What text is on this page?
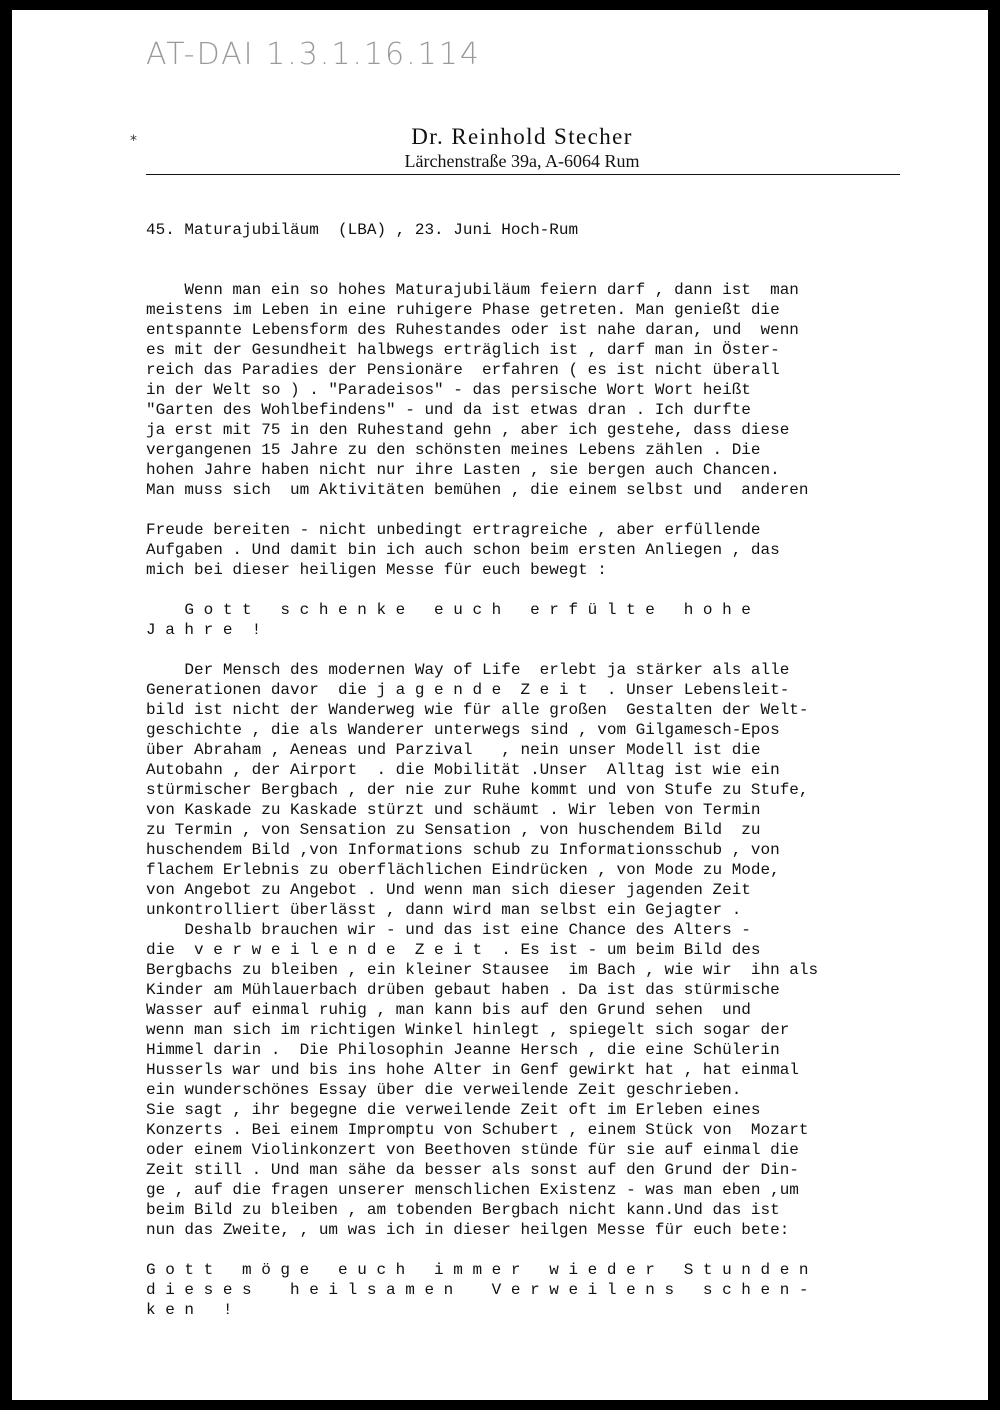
AT-DAI 1.3.1.16.114
*	Dr. Reinhold Stecher
Lärchenstraße 39a, A-6064 Rum
45. Maturajubiläum  (LBA) , 23. Juni Hoch-Rum
Wenn man ein so hohes Maturajubiläum feiern darf , dann ist  man
meistens im Leben in eine ruhigere Phase getreten. Man genießt die
entspannte Lebensform des Ruhestandes oder ist nahe daran, und  wenn
es mit der Gesundheit halbwegs erträglich ist , darf man in Öster-
reich das Paradies der Pensionäre  erfahren ( es ist nicht überall
in der Welt so ) . "Paradeisos" - das persische Wort Wort heißt
"Garten des Wohlbefindens" - und da ist etwas dran . Ich durfte
ja erst mit 75 in den Ruhestand gehn , aber ich gestehe, dass diese
vergangenen 15 Jahre zu den schönsten meines Lebens zählen . Die
hohen Jahre haben nicht nur ihre Lasten , sie bergen auch Chancen.
Man muss sich  um Aktivitäten bemühen , die einem selbst und  anderen
Freude bereiten - nicht unbedingt ertragreiche , aber erfüllende
Aufgaben . Und damit bin ich auch schon beim ersten Anliegen , das
mich bei dieser heiligen Messe für euch bewegt :
G o t t   s c h e n k e   e u c h   e r f ü l t e   h o h e
J a h r e  !
Der Mensch des modernen Way of Life  erlebt ja stärker als alle
Generationen davor  die j a g e n d e  Z e i t  . Unser Lebensleit-
bild ist nicht der Wanderweg wie für alle großen  Gestalten der Welt-
geschichte , die als Wanderer unterwegs sind , vom Gilgamesch-Epos
über Abraham , Aeneas und Parzival   , nein unser Modell ist die
Autobahn , der Airport  . die Mobilität .Unser  Alltag ist wie ein
stürmischer Bergbach , der nie zur Ruhe kommt und von Stufe zu Stufe,
von Kaskade zu Kaskade stürzt und schäumt . Wir leben von Termin
zu Termin , von Sensation zu Sensation , von huschendem Bild  zu
huschendem Bild ,von Informations schub zu Informationsschub , von
flachem Erlebnis zu oberflächlichen Eindrücken , von Mode zu Mode,
von Angebot zu Angebot . Und wenn man sich dieser jagenden Zeit
unkontrolliert überlässt , dann wird man selbst ein Gejagter .
Deshalb brauchen wir - und das ist eine Chance des Alters -
die  v e r w e i l e n d e  Z e i t  . Es ist - um beim Bild des
Bergbachs zu bleiben , ein kleiner Stausee  im Bach , wie wir  ihn als
Kinder am Mühlauerbach drüben gebaut haben . Da ist das stürmische
Wasser auf einmal ruhig , man kann bis auf den Grund sehen  und
wenn man sich im richtigen Winkel hinlegt , spiegelt sich sogar der
Himmel darin .  Die Philosophin Jeanne Hersch , die eine Schülerin
Husserls war und bis ins hohe Alter in Genf gewirkt hat , hat einmal
ein wunderschönes Essay über die verweilende Zeit geschrieben.
Sie sagt , ihr begegne die verweilende Zeit oft im Erleben eines
Konzerts . Bei einem Impromptu von Schubert , einem Stück von  Mozart
oder einem Violinkonzert von Beethoven stünde für sie auf einmal die
Zeit still . Und man sähe da besser als sonst auf den Grund der Din-
ge , auf die fragen unserer menschlichen Existenz - was man eben ,um
beim Bild zu bleiben , am tobenden Bergbach nicht kann.Und das ist
nun das Zweite, , um was ich in dieser heilgen Messe für euch bete:
G o t t   m ö g e   e u c h   i m m e r   w i e d e r   S t u n d e n
d i e s e s    h e i l s a m e n    V e r w e i l e n s   s c h e n -
k e n   !
